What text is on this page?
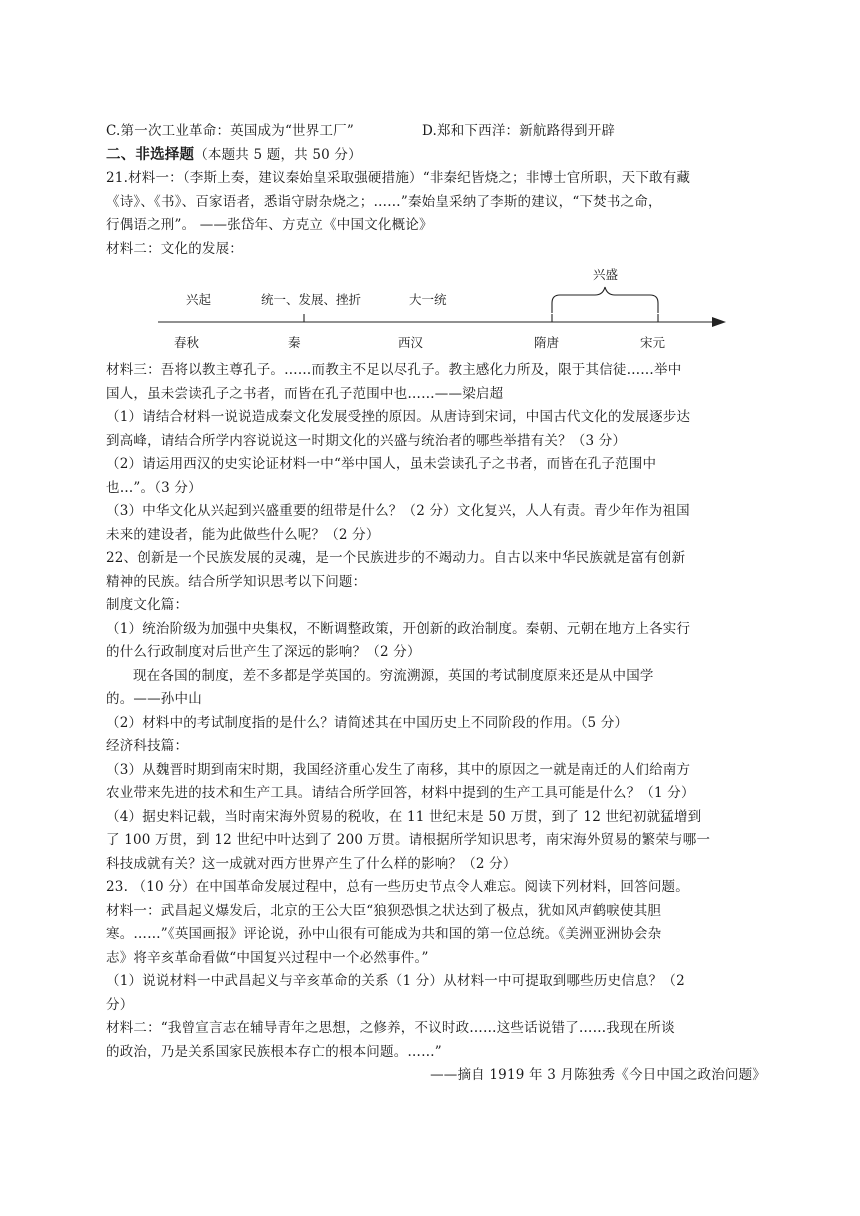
C.第一次工业革命：英国成为“世界工厂”	D.郑和下西洋：新航路得到开辟
二、非选择题（本题共 5 题，共 50 分）
21.材料一：（李斯上奏，建议秦始皇采取强硬措施）“非秦纪皆烧之；非博士官所职，天下敢有藏
《诗》、《书》、百家语者，悉诣守尉杂烧之；……”秦始皇采纳了李斯的建议，“下焚书之命，
行偶语之刑”。 ——张岱年、方克立《中国文化概论》
材料二：文化的发展：
兴起	统一、发展、挫折	大一统
兴盛
春秋	秦	西汉	隋唐	宋元
材料三：吾将以教主尊孔子。……而教主不足以尽孔子。教主感化力所及，限于其信徒……举中
国人，虽未尝读孔子之书者，而皆在孔子范围中也……——梁启超
（1）请结合材料一说说造成秦文化发展受挫的原因。从唐诗到宋词，中国古代文化的发展逐步达
到高峰，请结合所学内容说说这一时期文化的兴盛与统治者的哪些举措有关？（3 分）
（2）请运用西汉的史实论证材料一中“举中国人，虽未尝读孔子之书者，而皆在孔子范围中
也…”。（3 分）
（3）中华文化从兴起到兴盛重要的纽带是什么？（2 分）文化复兴，人人有责。青少年作为祖国
未来的建设者，能为此做些什么呢？（2 分）
22、创新是一个民族发展的灵魂，是一个民族进步的不竭动力。自古以来中华民族就是富有创新
精神的民族。结合所学知识思考以下问题：
制度文化篇：
（1）统治阶级为加强中央集权，不断调整政策，开创新的政治制度。秦朝、元朝在地方上各实行
的什么行政制度对后世产生了深远的影响？（2 分）
现在各国的制度，差不多都是学英国的。穷流溯源，英国的考试制度原来还是从中国学
的。——孙中山
（2）材料中的考试制度指的是什么？请简述其在中国历史上不同阶段的作用。（5 分）
经济科技篇：
（3）从魏晋时期到南宋时期，我国经济重心发生了南移，其中的原因之一就是南迁的人们给南方
农业带来先进的技术和生产工具。请结合所学回答，材料中提到的生产工具可能是什么？（1 分）
（4）据史料记载，当时南宋海外贸易的税收，在 11 世纪末是 50 万贯，到了 12 世纪初就猛增到
了 100 万贯，到 12 世纪中叶达到了 200 万贯。请根据所学知识思考，南宋海外贸易的繁荣与哪一
科技成就有关？这一成就对西方世界产生了什么样的影响？（2 分）
23. （10 分）在中国革命发展过程中，总有一些历史节点令人难忘。阅读下列材料，回答问题。
材料一：武昌起义爆发后，北京的王公大臣“狼狈恐惧之状达到了极点，犹如风声鹤唳使其胆
寒。……”《英国画报》评论说，孙中山很有可能成为共和国的第一位总统。《美洲亚洲协会杂
志》将辛亥革命看做“中国复兴过程中一个必然事件。”
（1）说说材料一中武昌起义与辛亥革命的关系（1 分）从材料一中可提取到哪些历史信息？（2
分）
材料二：“我曾宣言志在辅导青年之思想，之修养，不议时政……这些话说错了……我现在所谈
的政治，乃是关系国家民族根本存亡的根本问题。……”
——摘自 1919 年 3 月陈独秀《今日中国之政治问题》
